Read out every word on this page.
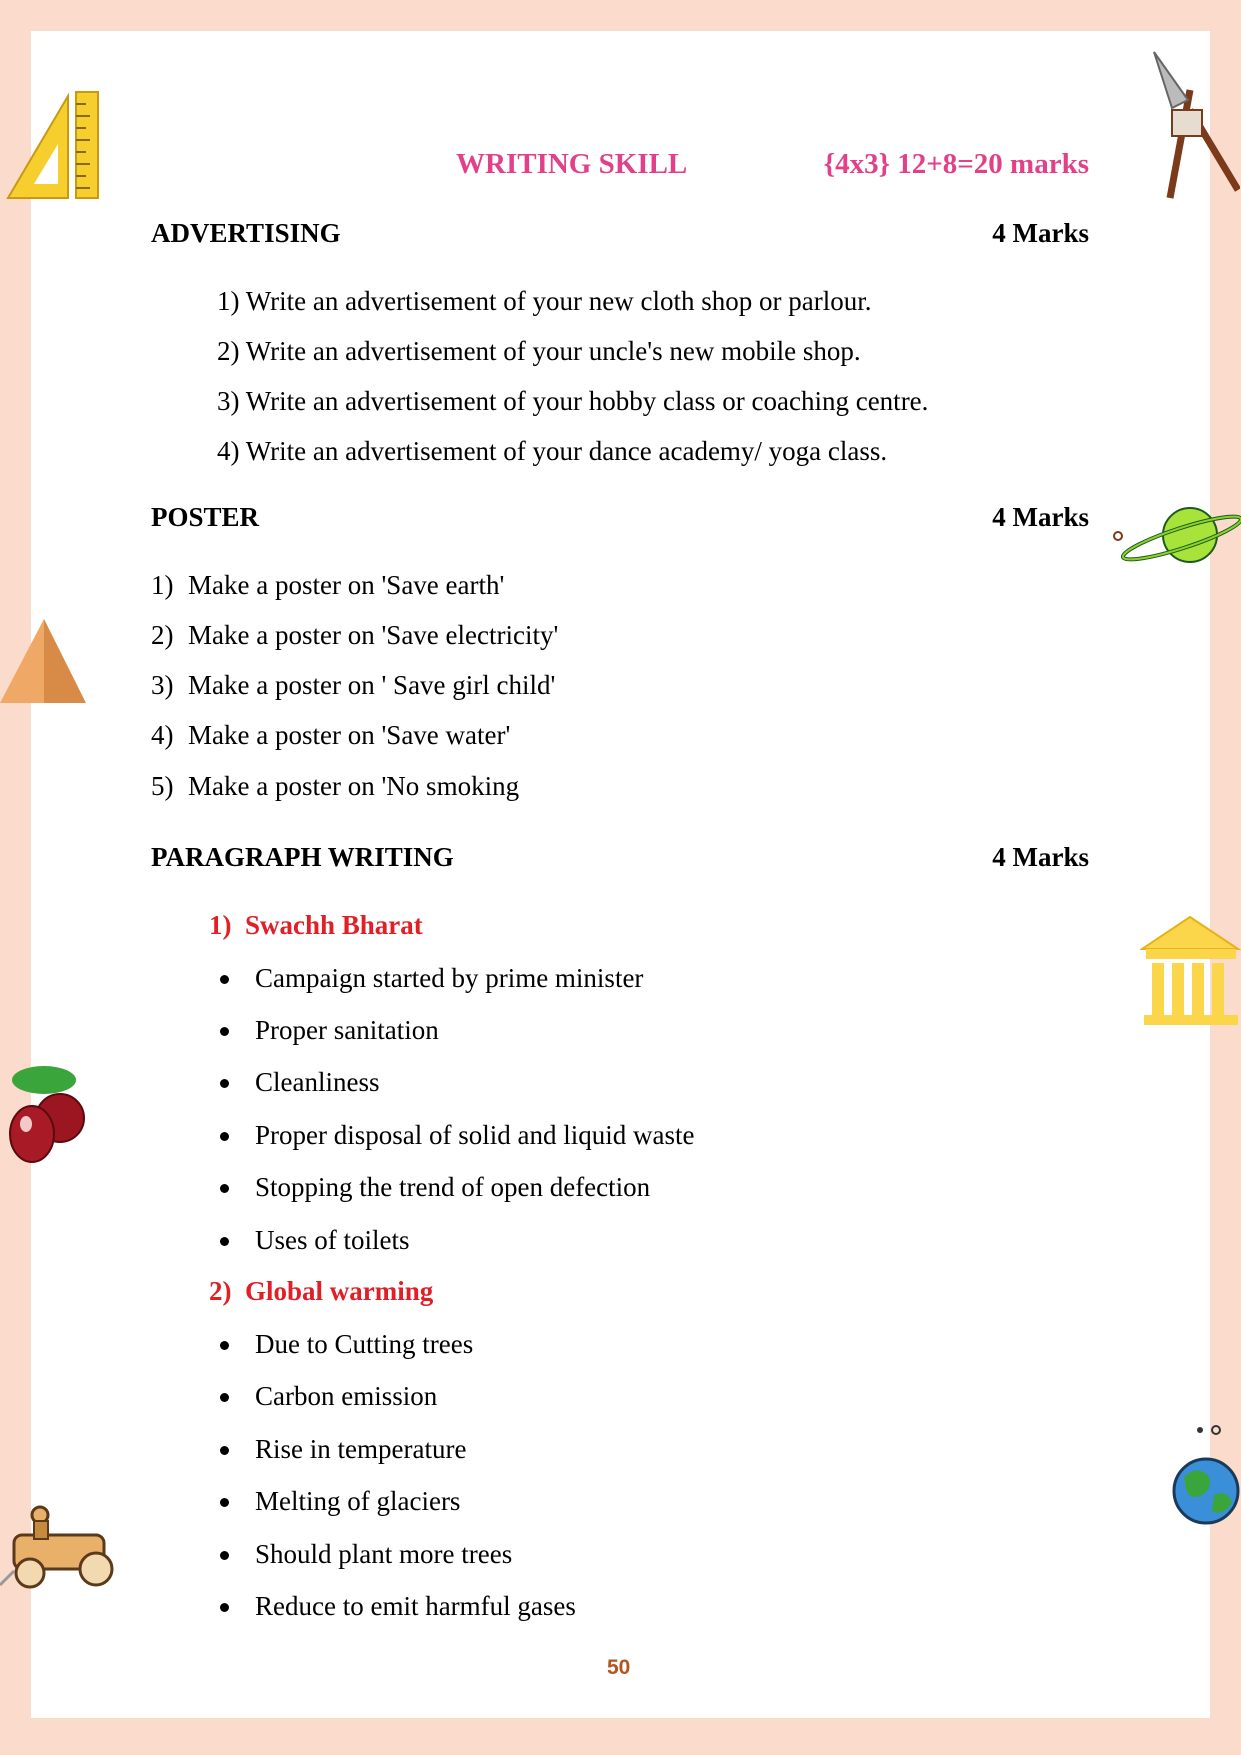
WRITING SKILL	{4x3} 12+8=20 marks
ADVERTISING	4 Marks
1) Write an advertisement of your new cloth shop or parlour.
2) Write an advertisement of your uncle's new mobile shop.
3) Write an advertisement of your hobby class or coaching centre.
4) Write an advertisement of your dance academy/ yoga class.
POSTER	4 Marks
1) Make a poster on 'Save earth'
2) Make a poster on 'Save electricity'
3) Make a poster on ' Save girl child'
4) Make a poster on 'Save water'
5) Make a poster on 'No smoking
PARAGRAPH WRITING	4 Marks
1)  Swachh Bharat
Campaign started by prime minister
Proper sanitation
Cleanliness
Proper disposal of solid and liquid waste
Stopping the trend of open defection
Uses of toilets
2)  Global warming
Due to Cutting trees
Carbon emission
Rise in temperature
Melting of glaciers
Should plant more trees
Reduce to emit harmful gases
50
